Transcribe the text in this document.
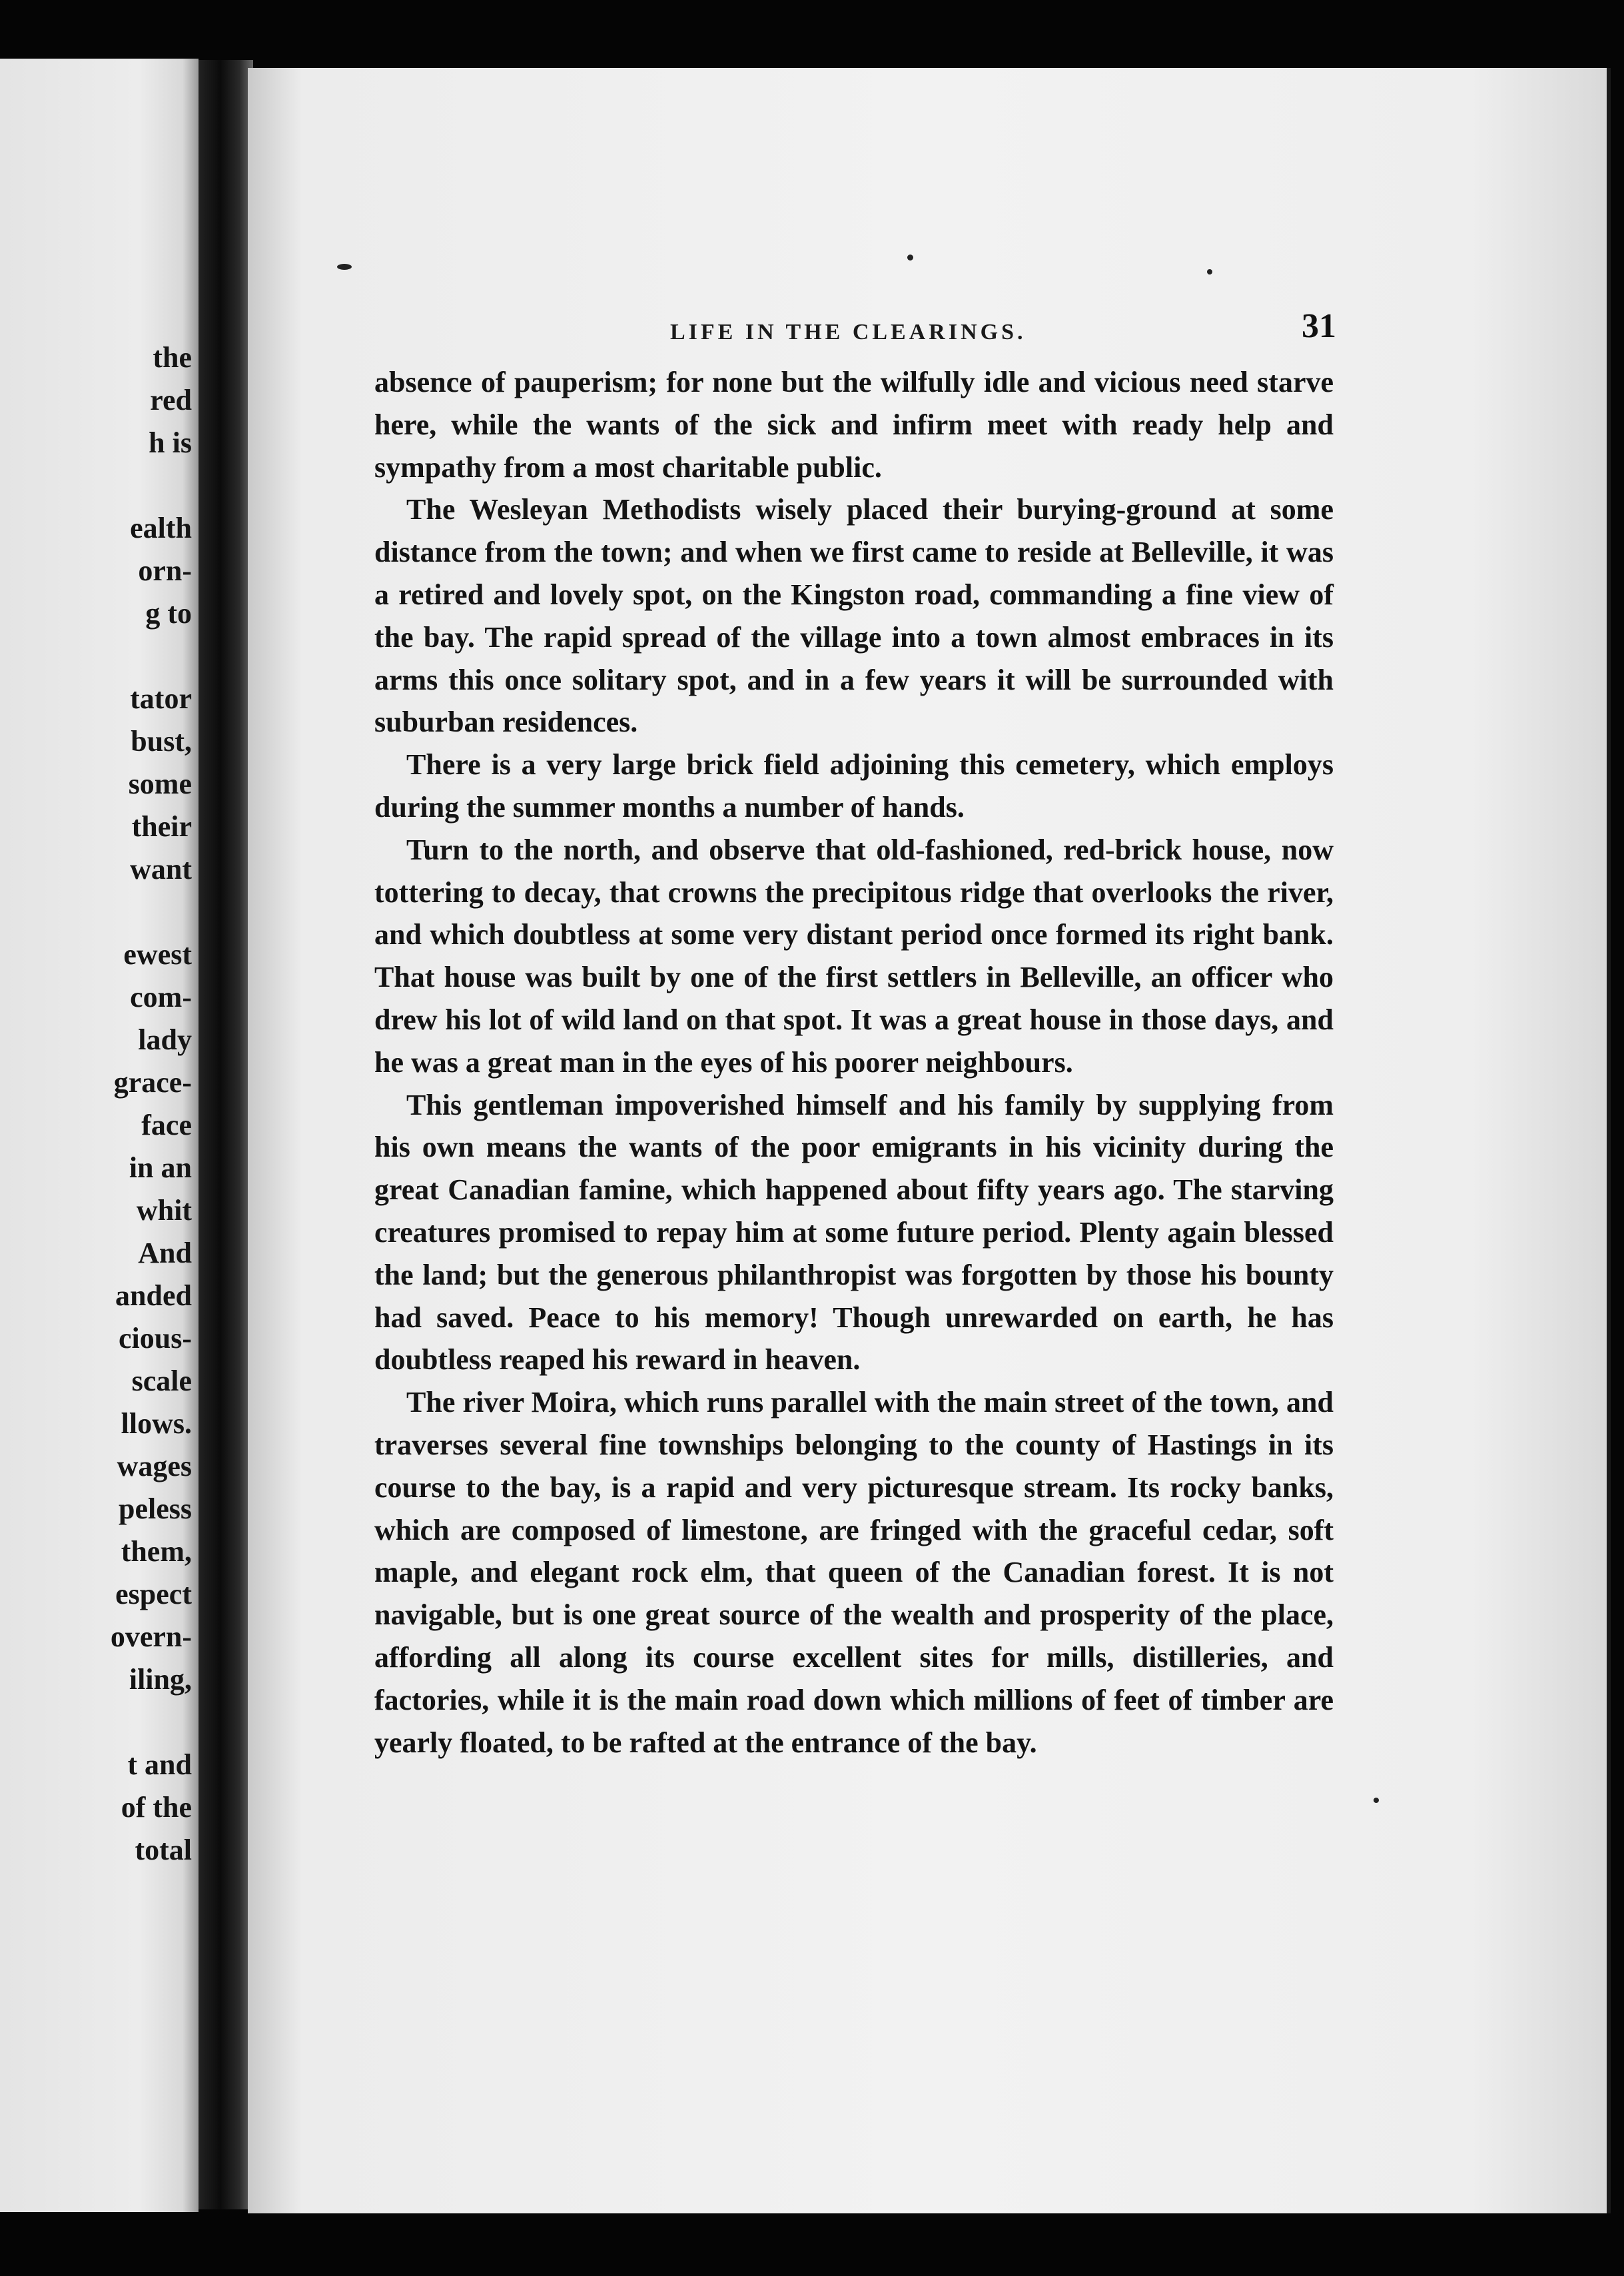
the
red
h is
ealth
orn-
g to
tator
bust,
some
their
want
ewest
com-
lady
grace-
face
in an
whit
And
anded
cious-
scale
llows.
wages
peless
them,
espect
overn-
iling,
t and
of the
total
LIFE IN THE CLEARINGS.	31

absence of pauperism; for none but the wilfully idle and vicious need starve here, while the wants of the sick and infirm meet with ready help and sympathy from a most charitable public.

The Wesleyan Methodists wisely placed their burying-ground at some distance from the town; and when we first came to reside at Belleville, it was a retired and lovely spot, on the Kingston road, commanding a fine view of the bay. The rapid spread of the village into a town almost embraces in its arms this once solitary spot, and in a few years it will be surrounded with suburban residences.

There is a very large brick field adjoining this cemetery, which employs during the summer months a number of hands.

Turn to the north, and observe that old-fashioned, red-brick house, now tottering to decay, that crowns the precipitous ridge that overlooks the river, and which doubtless at some very distant period once formed its right bank. That house was built by one of the first settlers in Belleville, an officer who drew his lot of wild land on that spot. It was a great house in those days, and he was a great man in the eyes of his poorer neighbours.

This gentleman impoverished himself and his family by supplying from his own means the wants of the poor emigrants in his vicinity during the great Canadian famine, which happened about fifty years ago. The starving creatures promised to repay him at some future period. Plenty again blessed the land; but the generous philanthropist was forgotten by those his bounty had saved. Peace to his memory! Though unrewarded on earth, he has doubtless reaped his reward in heaven.

The river Moira, which runs parallel with the main street of the town, and traverses several fine townships belonging to the county of Hastings in its course to the bay, is a rapid and very picturesque stream. Its rocky banks, which are composed of limestone, are fringed with the graceful cedar, soft maple, and elegant rock elm, that queen of the Canadian forest. It is not navigable, but is one great source of the wealth and prosperity of the place, affording all along its course excellent sites for mills, distilleries, and factories, while it is the main road down which millions of feet of timber are yearly floated, to be rafted at the entrance of the bay.
